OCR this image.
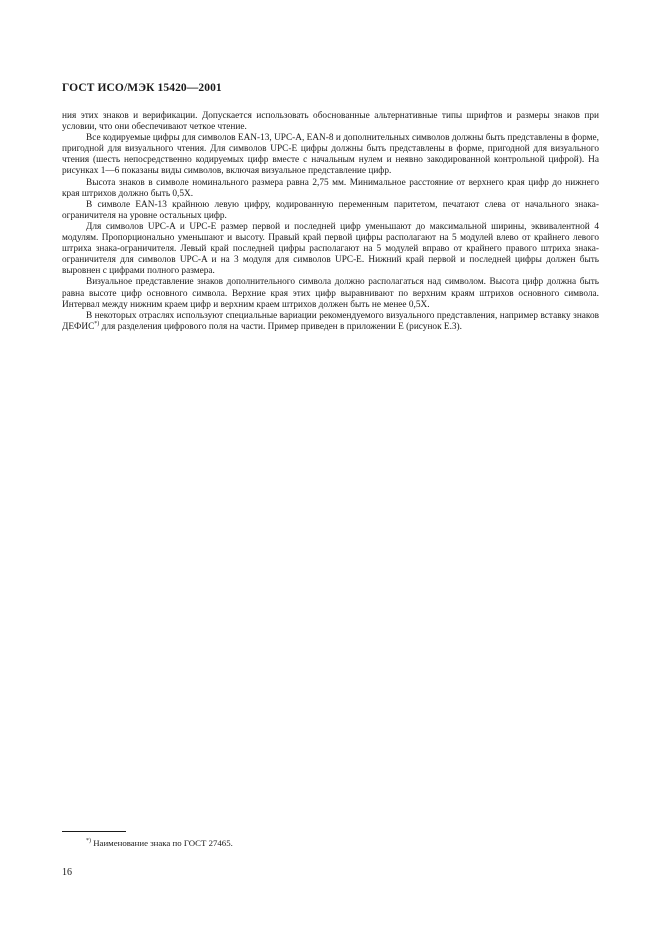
ГОСТ ИСО/МЭК 15420—2001

ния этих знаков и верификации. Допускается использовать обоснованные альтернативные типы шрифтов и размеры знаков при условии, что они обеспечивают четкое чтение.

Все кодируемые цифры для символов EAN-13, UPC-A, EAN-8 и дополнительных символов должны быть представлены в форме, пригодной для визуального чтения. Для символов UPC-E цифры должны быть представлены в форме, пригодной для визуального чтения (шесть непосредственно кодируемых цифр вместе с начальным нулем и неявно закодированной контрольной цифрой). На рисунках 1—6 показаны виды символов, включая визуальное представление цифр.

Высота знаков в символе номинального размера равна 2,75 мм. Минимальное расстояние от верхнего края цифр до нижнего края штрихов должно быть 0,5X.

В символе EAN-13 крайнюю левую цифру, кодированную переменным паритетом, печатают слева от начального знака-ограничителя на уровне остальных цифр.

Для символов UPC-A и UPC-E размер первой и последней цифр уменьшают до максимальной ширины, эквивалентной 4 модулям. Пропорционально уменьшают и высоту. Правый край первой цифры располагают на 5 модулей влево от крайнего левого штриха знака-ограничителя. Левый край последней цифры располагают на 5 модулей вправо от крайнего правого штриха знака-ограничителя для символов UPC-A и на 3 модуля для символов UPC-E. Нижний край первой и последней цифры должен быть выровнен с цифрами полного размера.

Визуальное представление знаков дополнительного символа должно располагаться над символом. Высота цифр должна быть равна высоте цифр основного символа. Верхние края этих цифр выравнивают по верхним краям штрихов основного символа. Интервал между нижним краем цифр и верхним краем штрихов должен быть не менее 0,5X.

В некоторых отраслях используют специальные вариации рекомендуемого визуального представления, например вставку знаков ДЕФИС*) для разделения цифрового поля на части. Пример приведен в приложении Е (рисунок Е.3).

*) Наименование знака по ГОСТ 27465.
16
